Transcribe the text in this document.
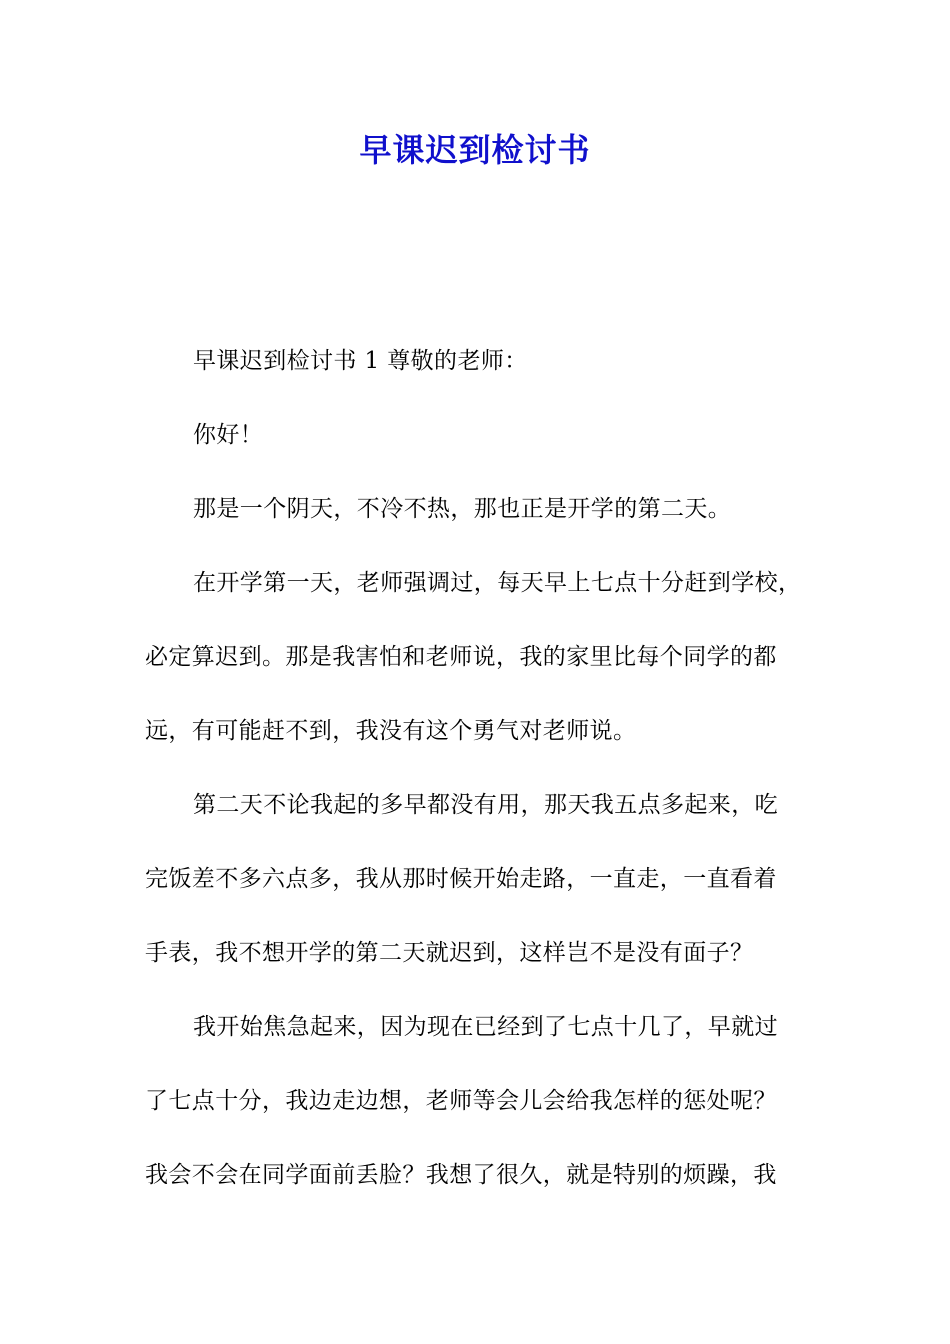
早课迟到检讨书
早课迟到检讨书 1 尊敬的老师：
你好！
那是一个阴天，不冷不热，那也正是开学的第二天。
在开学第一天，老师强调过，每天早上七点十分赶到学校，
必定算迟到。那是我害怕和老师说，我的家里比每个同学的都
远，有可能赶不到，我没有这个勇气对老师说。
第二天不论我起的多早都没有用，那天我五点多起来，吃
完饭差不多六点多，我从那时候开始走路，一直走，一直看着
手表，我不想开学的第二天就迟到，这样岂不是没有面子？
我开始焦急起来，因为现在已经到了七点十几了，早就过
了七点十分，我边走边想，老师等会儿会给我怎样的惩处呢？
我会不会在同学面前丢脸？我想了很久，就是特别的烦躁，我
